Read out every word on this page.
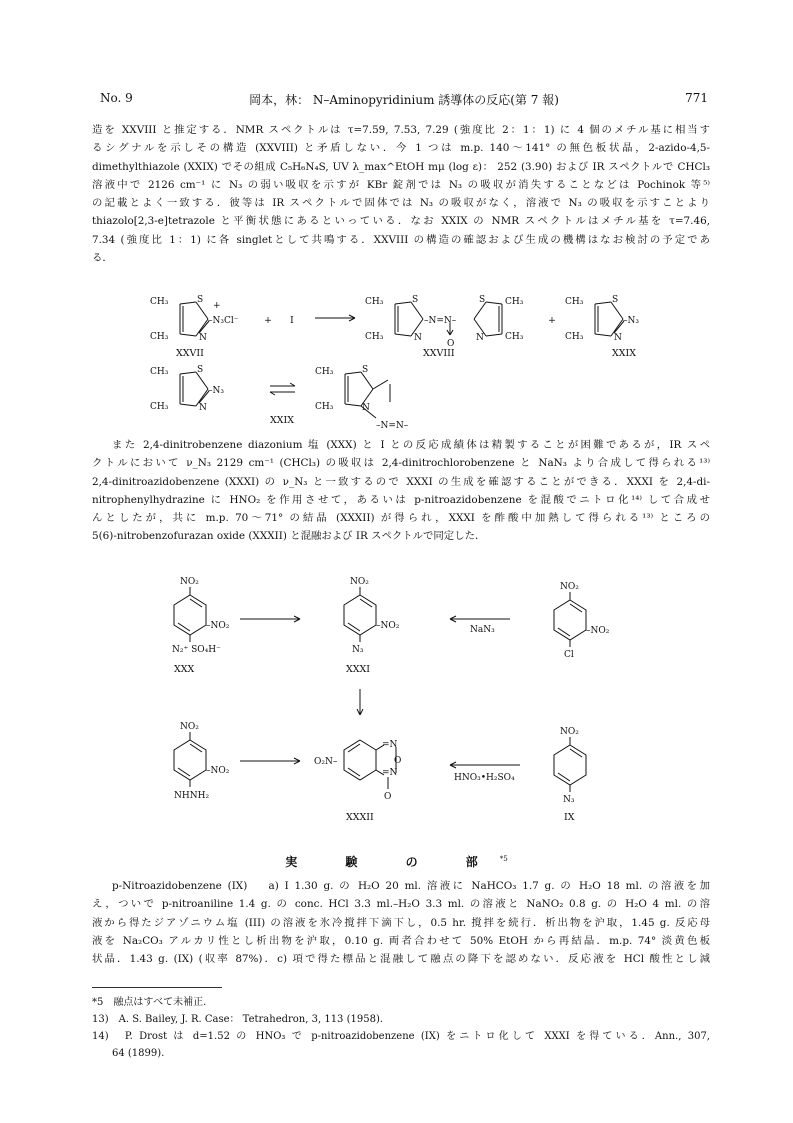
No. 9	岡本，林： N–Aminopyridinium 誘導体の反応(第 7 報)	771
造を XXVIII と推定する．NMR スペクトルは τ=7.59, 7.53, 7.29 (強度比 2：1：1) に 4 個のメチル基に相当す
るシグナルを示しその構造 (XXVIII) と矛盾しない．今 1 つは m.p. 140〜141° の無色板状晶，2-azido-4,5-
dimethylthiazole (XXIX) でその組成 C₅H₆N₄S, UV λ_max^EtOH mμ (log ε)： 252 (3.90) および IR スペクトルで CHCl₃
溶液中で 2126 cm⁻¹ に N₃ の弱い吸収を示すが KBr 錠剤では N₃ の吸収が消失することなどは Pochinok 等⁵⁾
の記載とよく一致する．彼等は IR スペクトルで固体では N₃ の吸収がなく，溶液で N₃ の吸収を示すことより
thiazolo[2,3-e]tetrazole と平衡状態にあるといっている．なお XXIX の NMR スペクトルはメチル基を τ=7.46,
7.34 (強度比 1：1) に各 singletとして共鳴する．XXVIII の構造の確認および生成の機構はなお検討の予定であ
る．
CH₃	S
CH₃	N
+
–N₃Cl⁻	+ I
XXVII
CH₃	S
CH₃	N
–N=N–
O
S CH₃
N CH₃
XXVIII
+
CH₃	S
CH₃	N
–N₃
XXIX
CH₃	S
CH₃	N
–N₃
XXIX
CH₃	S
CH₃	N
–N=N–
また 2,4-dinitrobenzene diazonium 塩 (XXX) と I との反応成績体は精製することが困難であるが，IR スペ
クトルにおいて ν_N₃ 2129 cm⁻¹ (CHCl₃) の吸収は 2,4-dinitrochlorobenzene と NaN₃ より合成して得られる¹³⁾
2,4-dinitroazidobenzene (XXXI) の ν_N₃ と一致するので XXXI の生成を確認することができる．XXXI を 2,4-di-
nitrophenylhydrazine に HNO₂ を作用させて，あるいは p-nitroazidobenzene を混酸でニトロ化¹⁴⁾ して合成せ
んとしたが，共に m.p. 70〜71° の結晶 (XXXII) が得られ，XXXI を酢酸中加熱して得られる¹³⁾ ところの
5(6)-nitrobenzofurazan oxide (XXXII) と混融および IR スペクトルで同定した．
NO₂
–NO₂
N₂⁺ SO₄H⁻
XXX
NO₂
–NO₂
N₃
XXXI
NaN₃
NO₂
–NO₂
Cl
NO₂
–NO₂
NHNH₂
O₂N–
=N
=N
O
O
XXXII
HNO₃•H₂SO₄
NO₂
N₃
IX
実 験 の 部$^{*5}$
p-Nitroazidobenzene (IX)　 a) I 1.30 g. の H₂O 20 ml. 溶液に NaHCO₃ 1.7 g. の H₂O 18 ml. の溶液を加
え，ついで p-nitroaniline 1.4 g. の conc. HCl 3.3 ml.–H₂O 3.3 ml. の溶液と NaNO₂ 0.8 g. の H₂O 4 ml. の溶
液から得たジアゾニウム塩 (III) の溶液を氷冷撹拌下滴下し，0.5 hr. 撹拌を続行．析出物を沪取，1.45 g. 反応母
液を Na₂CO₃ アルカリ性とし析出物を沪取，0.10 g. 両者合わせて 50% EtOH から再結晶．m.p. 74° 淡黄色板
状晶．1.43 g. (IX) (収率 87%)．c) 項で得た標品と混融して融点の降下を認めない．反応液を HCl 酸性とし減
*5　融点はすべて未補正．
13)　A. S. Bailey, J. R. Case： Tetrahedron, 3, 113 (1958).
14)　P. Drost は d=1.52 の HNO₃ で p-nitroazidobenzene (IX) をニトロ化して XXXI を得ている．Ann., 307,
64 (1899).
